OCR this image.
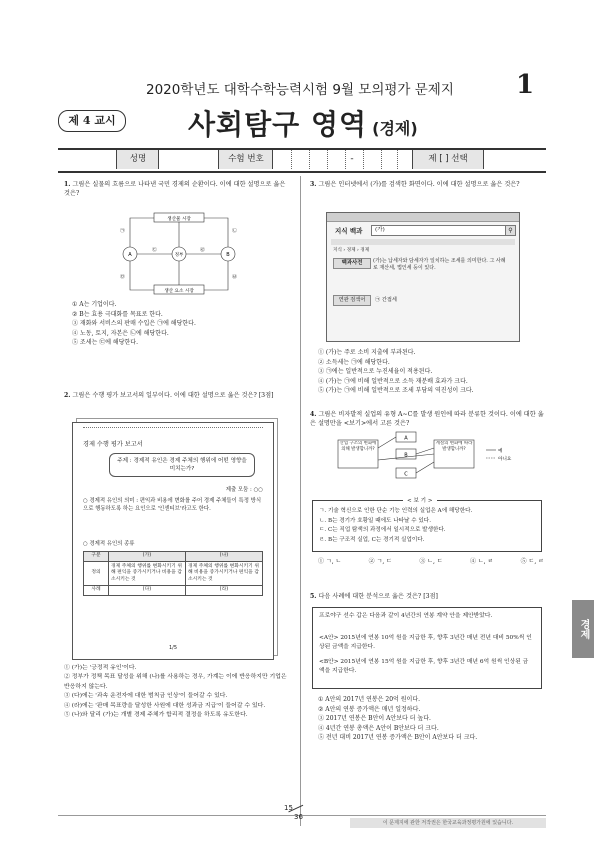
2020학년도 대학수학능력시험 9월 모의평가 문제지 1
제 4 교시	사회탐구 영역 (경제)
성명	수험 번호	-	제 [ ] 선택
1. 그림은 실물의 흐름으로 나타낸 국민 경제의 순환이다. 이에 대한 설명으로 옳은 것은?
생산물 시장
생산 요소 시장
A	정부	B
㉠	㉡
㉢	㉣
㉤	㉥
① A는 기업이다.
② B는 효용 극대화를 목표로 한다.
③ 재화와 서비스의 판매 수입은 ㉠에 해당한다.
④ 노동, 토지, 자본은 ㉡에 해당한다.
⑤ 조세는 ㉢에 해당한다.
2. 그림은 수행 평가 보고서의 일부이다. 이에 대한 설명으로 옳은 것은? [3점]
경제 수행 평가 보고서
주제 : 경제적 유인은 경제 주체의 행위에 어떤 영향을 미치는가?
제출 모둠 : ○○
○ 경제적 유인의 의미 : 편익과 비용에 변화를 주어 경제 주체들이 특정 방식으로 행동하도록 하는 요인으로 '인센티브'라고도 한다.
○ 경제적 유인의 종류
구분	(가)	(나)
정의	경제 주체의 행위를 변화시키기 위해 편익을 증가시키거나 비용을 감소시키는 것	경제 주체의 행위를 변화시키기 위해 비용을 증가시키거나 편익을 감소시키는 것
사례	(다)	(라)
1/5
① (가)는 '긍정적 유인'이다.
② 정부가 정책 목표 달성을 위해 (나)를 사용하는 경우, 가계는 이에 반응하지만 기업은 반응하지 않는다.
③ (다)에는 '과속 운전자에 대한 범칙금 인상'이 들어갈 수 있다.
④ (라)에는 '판매 목표량을 달성한 사원에 대한 성과금 지급'이 들어갈 수 있다.
⑤ (나)와 달리 (가)는 개별 경제 주체가 합리적 결정을 하도록 유도한다.
3. 그림은 인터넷에서 (가)를 검색한 화면이다. 이에 대한 설명으로 옳은 것은?
지식 백과	(가)	⚲
지식 › 경제 › 경제
백과사전	(가)는 납세자와 담세자가 일치하는 조세를 의미한다. 그 사례로 재산세, 법인세 등이 있다.
연관 검색어	㉠ 간접세
① (가)는 주로 소비 지출에 부과된다.
② 소득세는 ㉠에 해당한다.
③ ㉠에는 일반적으로 누진세율이 적용된다.
④ (가)는 ㉠에 비해 일반적으로 소득 재분배 효과가 크다.
⑤ (가)는 ㉠에 비해 일반적으로 조세 부담의 역진성이 크다.
4. 그림은 비자발적 실업의 유형 A~C를 발생 원인에 따라 분류한 것이다. 이에 대한 옳은 설명만을 <보기>에서 고른 것은?
산업 구조의 변화에 의해 발생합니까?
A
B
C
계절의 변화에 따라 발생합니까?	예
아니요
< 보 기 >
ㄱ. 기술 혁신으로 인한 단순 기능 인력의 실업은 A에 해당한다.
ㄴ. B는 경기가 호황일 때에도 나타날 수 있다.
ㄷ. C는 직업 탐색의 과정에서 일시적으로 발생한다.
ㄹ. B는 구조적 실업, C는 경기적 실업이다.
① ㄱ, ㄴ	② ㄱ, ㄷ	③ ㄴ, ㄷ	④ ㄴ, ㄹ	⑤ ㄷ, ㄹ
5. 다음 사례에 대한 분석으로 옳은 것은? [3점]
프로야구 선수 갑은 다음과 같이 4년간의 연봉 계약 안을 제안받았다.
<A안> 2015년에 연봉 10억 원을 지급한 후, 향후 3년간 매년 전년 대비 50%씩 인상된 금액을 지급한다.
<B안> 2015년에 연봉 15억 원을 지급한 후, 향후 3년간 매년 6억 원씩 인상된 금액을 지급한다.
① A안의 2017년 연봉은 20억 원이다.
② A안의 연봉 증가액은 매년 일정하다.
③ 2017년 연봉은 B안이 A안보다 더 높다.
④ 4년간 연봉 총액은 A안이 B안보다 더 크다.
⑤ 전년 대비 2017년 연봉 증가액은 B안이 A안보다 더 크다.
경제
15
36
이 문제지에 관한 저작권은 한국교육과정평가원에 있습니다.
